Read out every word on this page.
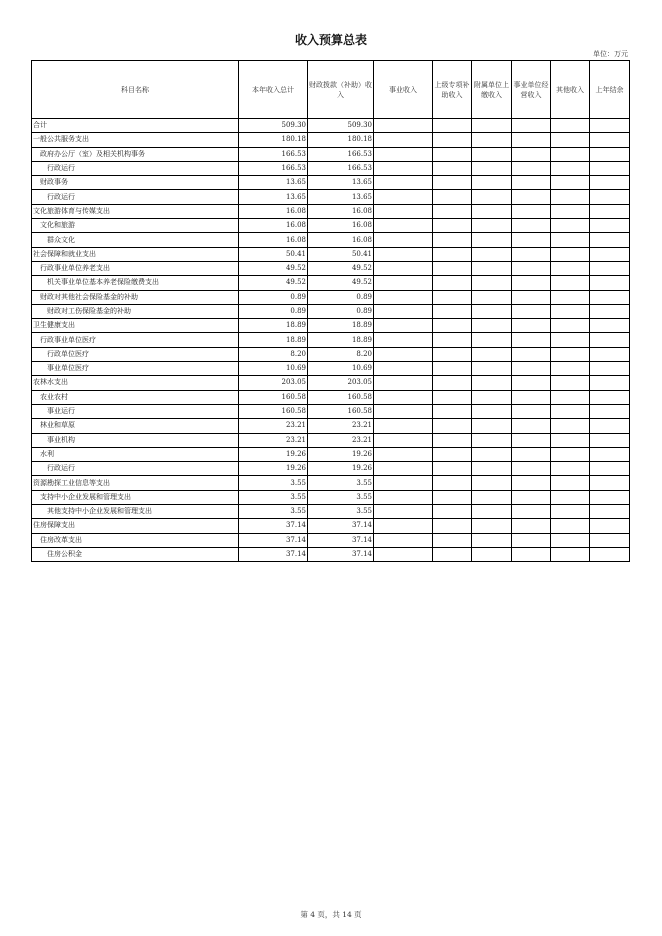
收入预算总表
单位：万元
科目名称	本年收入总计	财政拨款（补助）收入	事业收入	上级专项补助收入	附属单位上缴收入	事业单位经营收入	其他收入	上年结余
合计	509.30	509.30						
一般公共服务支出	180.18	180.18						
政府办公厅（室）及相关机构事务	166.53	166.53						
行政运行	166.53	166.53						
财政事务	13.65	13.65						
行政运行	13.65	13.65						
文化旅游体育与传媒支出	16.08	16.08						
文化和旅游	16.08	16.08						
群众文化	16.08	16.08						
社会保障和就业支出	50.41	50.41						
行政事业单位养老支出	49.52	49.52						
机关事业单位基本养老保险缴费支出	49.52	49.52						
财政对其他社会保险基金的补助	0.89	0.89						
财政对工伤保险基金的补助	0.89	0.89						
卫生健康支出	18.89	18.89						
行政事业单位医疗	18.89	18.89						
行政单位医疗	8.20	8.20						
事业单位医疗	10.69	10.69						
农林水支出	203.05	203.05						
农业农村	160.58	160.58						
事业运行	160.58	160.58						
林业和草原	23.21	23.21						
事业机构	23.21	23.21						
水利	19.26	19.26						
行政运行	19.26	19.26						
资源勘探工业信息等支出	3.55	3.55						
支持中小企业发展和管理支出	3.55	3.55						
其他支持中小企业发展和管理支出	3.55	3.55						
住房保障支出	37.14	37.14						
住房改革支出	37.14	37.14						
住房公积金	37.14	37.14						
第 4 页，共 14 页
